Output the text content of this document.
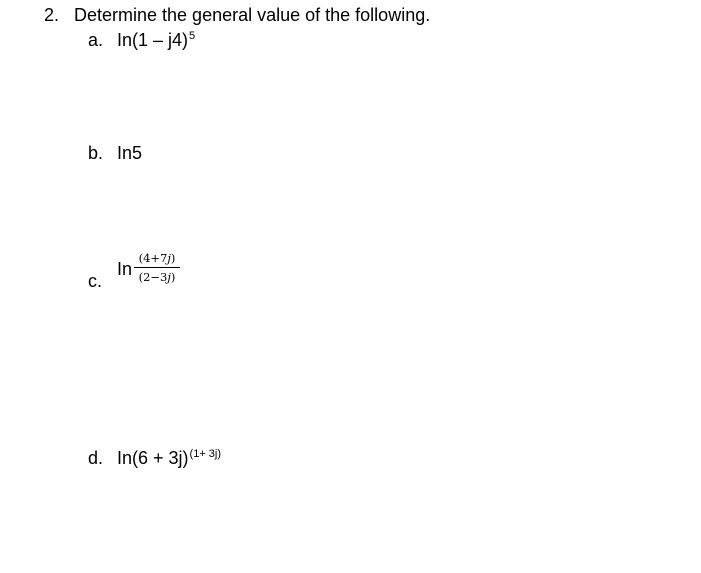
2. Determine the general value of the following.
a. In(1 – j4)$^5$
b. In5
c.
In
(4+7𝑗)
(2−3𝑗)
d. $In(6 + 3j)^{(1+ 3j)}$
